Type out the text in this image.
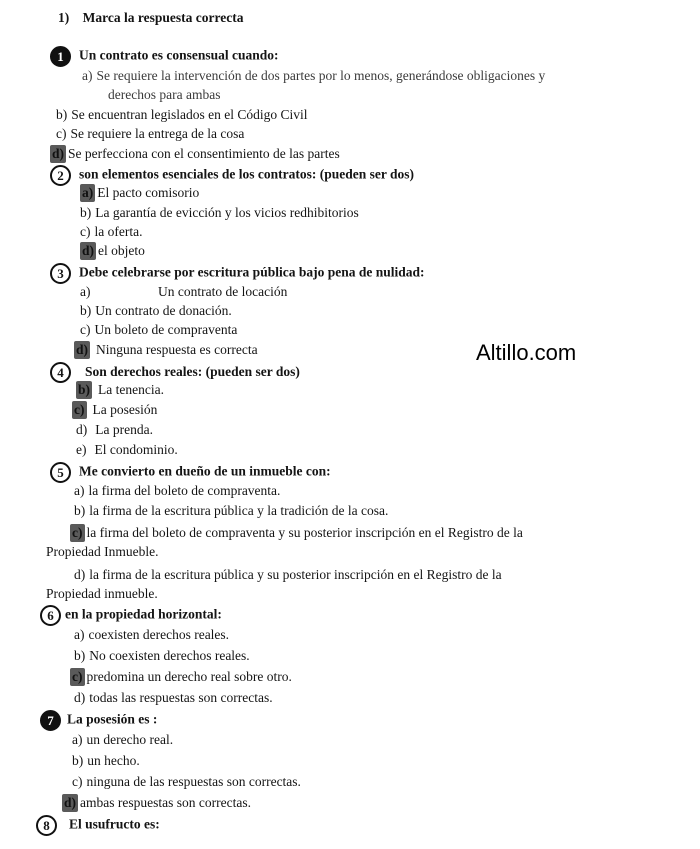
1) Marca la respuesta correcta
1 Un contrato es consensual cuando:
a) Se requiere la intervención de dos partes por lo menos, generándose obligaciones y
derechos para ambas
b) Se encuentran legislados en el Código Civil
c) Se requiere la entrega de la cosa
d) Se perfecciona con el consentimiento de las partes
2 son elementos esenciales de los contratos: (pueden ser dos)
a) El pacto comisorio
b) La garantía de evicción y los vicios redhibitorios
c) la oferta.
d) el objeto
3 Debe celebrarse por escritura pública bajo pena de nulidad:
a)	Un contrato de locación
b) Un contrato de donación.
c) Un boleto de compraventa
d) Ninguna respuesta es correcta	Altillo.com
4 Son derechos reales: (pueden ser dos)
b) La tenencia.
c) La posesión
d) La prenda.
e) El condominio.
5 Me convierto en dueño de un inmueble con:
a) la firma del boleto de compraventa.
b) la firma de la escritura pública y la tradición de la cosa.
c) la firma del boleto de compraventa y su posterior inscripción en el Registro de la
Propiedad Inmueble.
d) la firma de la escritura pública y su posterior inscripción en el Registro de la
Propiedad inmueble.
6 en la propiedad horizontal:
a) coexisten derechos reales.
b) No coexisten derechos reales.
c) predomina un derecho real sobre otro.
d) todas las respuestas son correctas.
7 La posesión es :
a) un derecho real.
b) un hecho.
c) ninguna de las respuestas son correctas.
d) ambas respuestas son correctas.
8 El usufructo es:
